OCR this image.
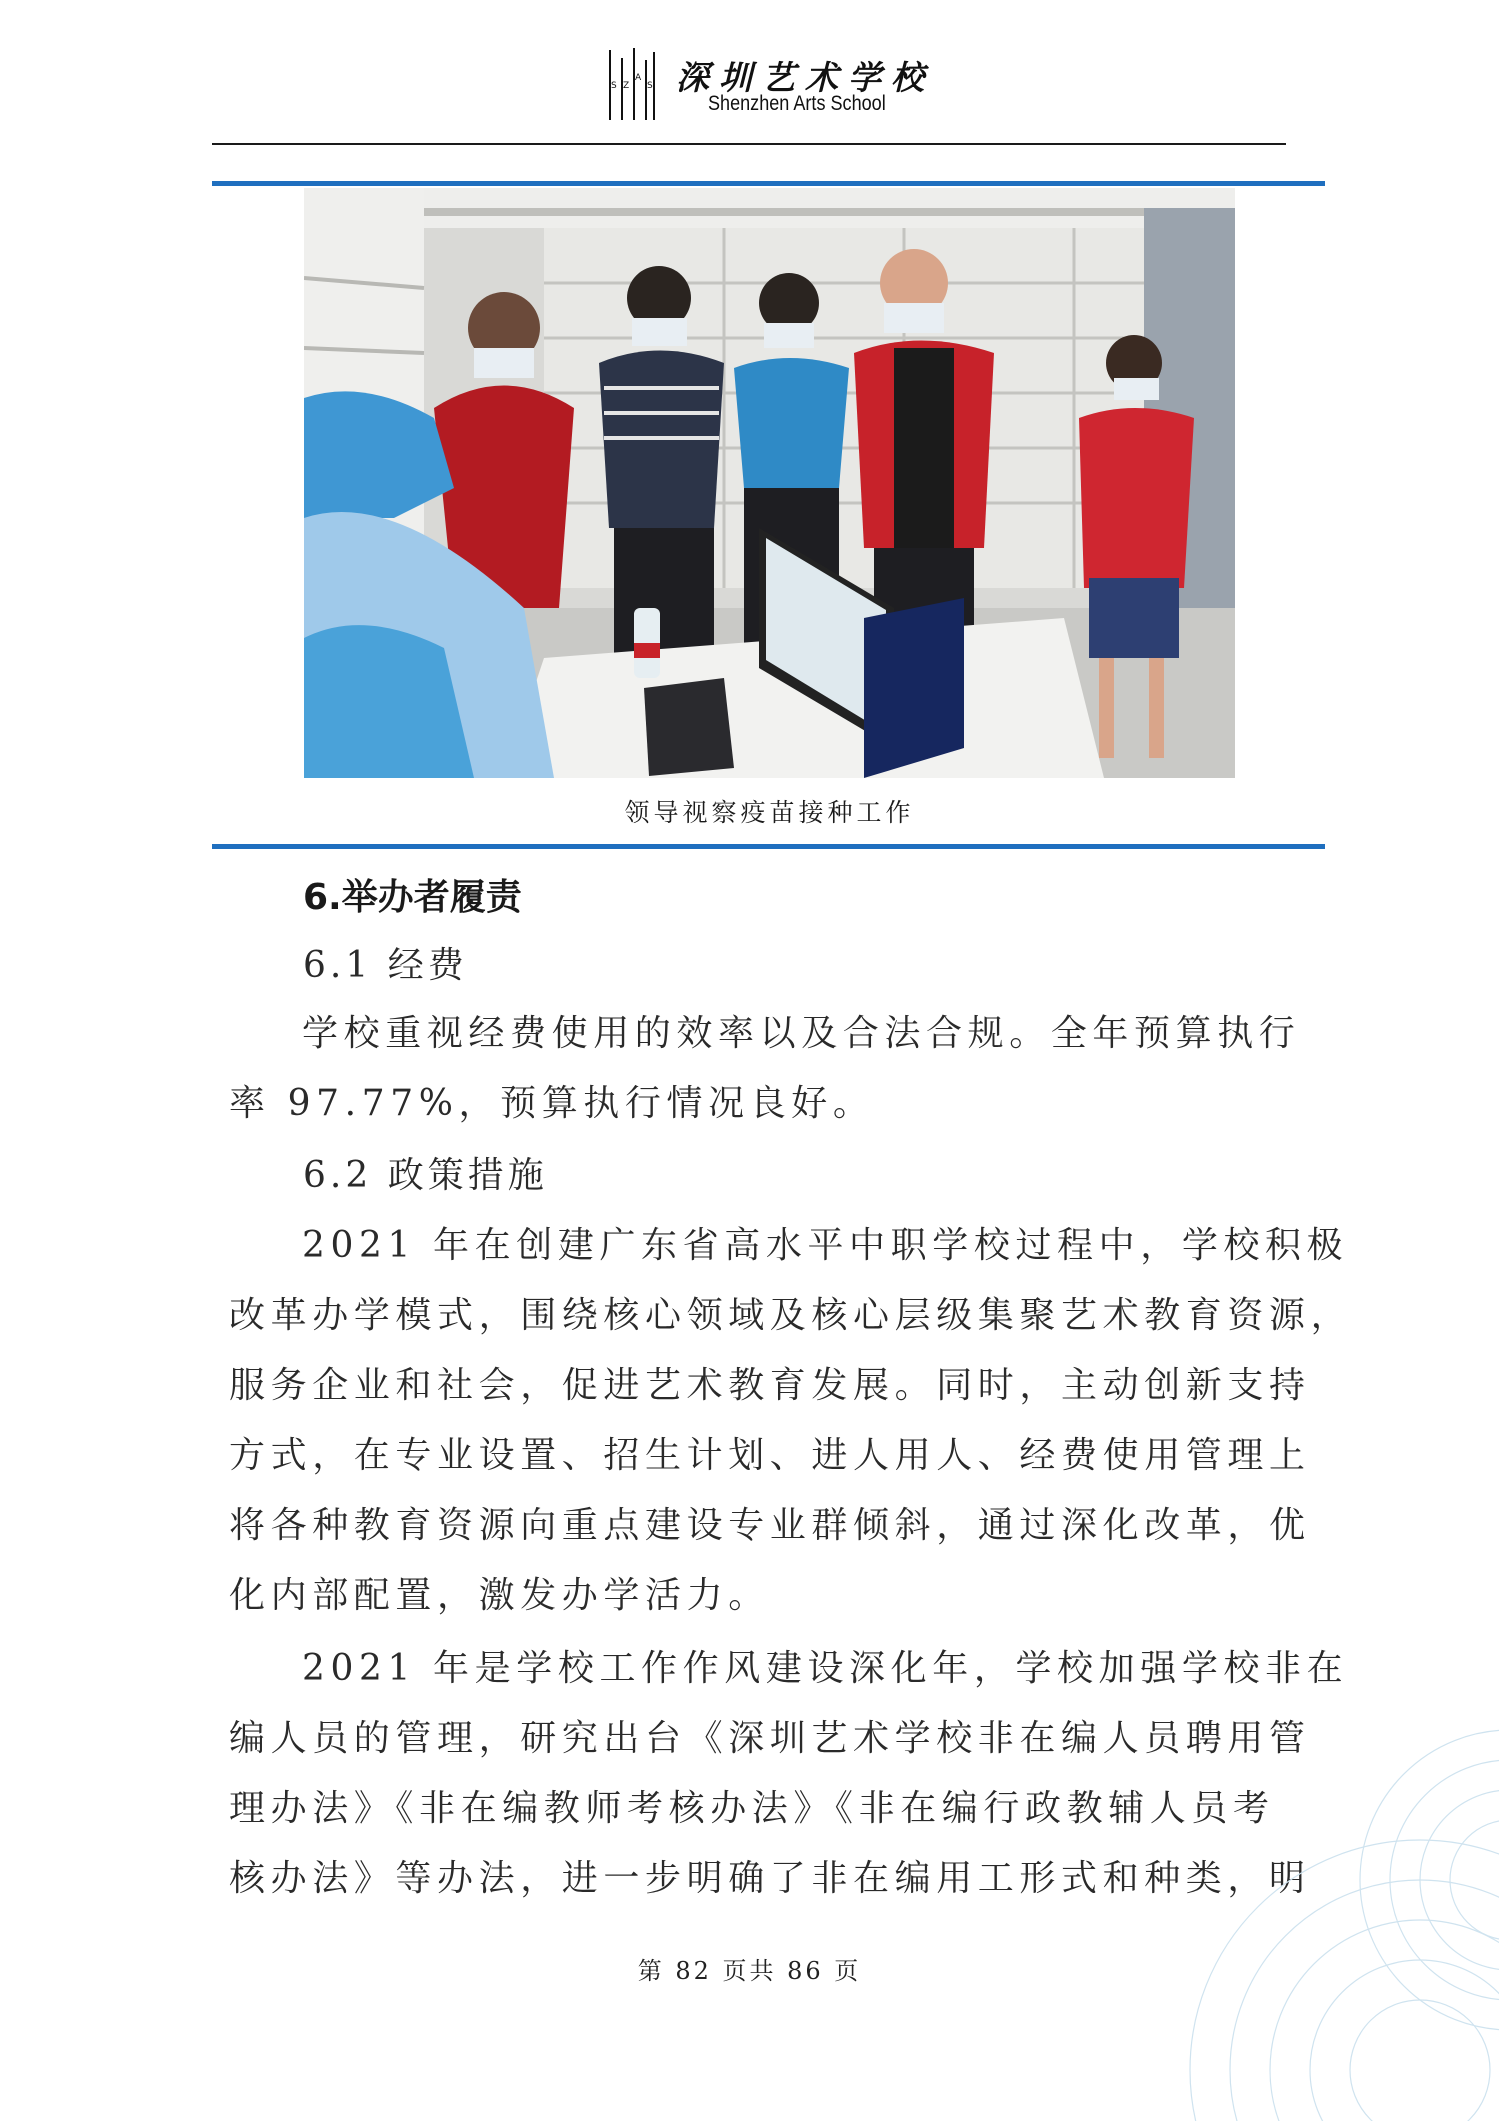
S Z
A
S 深圳艺术学校
Shenzhen Arts School
领导视察疫苗接种工作
6.举办者履责
6.1 经费
学校重视经费使用的效率以及合法合规。全年预算执行
率 97.77%，预算执行情况良好。
6.2 政策措施
2021 年在创建广东省高水平中职学校过程中，学校积极
改革办学模式，围绕核心领域及核心层级集聚艺术教育资源，
服务企业和社会，促进艺术教育发展。同时，主动创新支持
方式，在专业设置、招生计划、进人用人、经费使用管理上
将各种教育资源向重点建设专业群倾斜，通过深化改革，优
化内部配置，激发办学活力。
2021 年是学校工作作风建设深化年，学校加强学校非在
编人员的管理，研究出台《深圳艺术学校非在编人员聘用管
理办法》《非在编教师考核办法》《非在编行政教辅人员考
核办法》等办法，进一步明确了非在编用工形式和种类，明
第 82 页共 86 页
